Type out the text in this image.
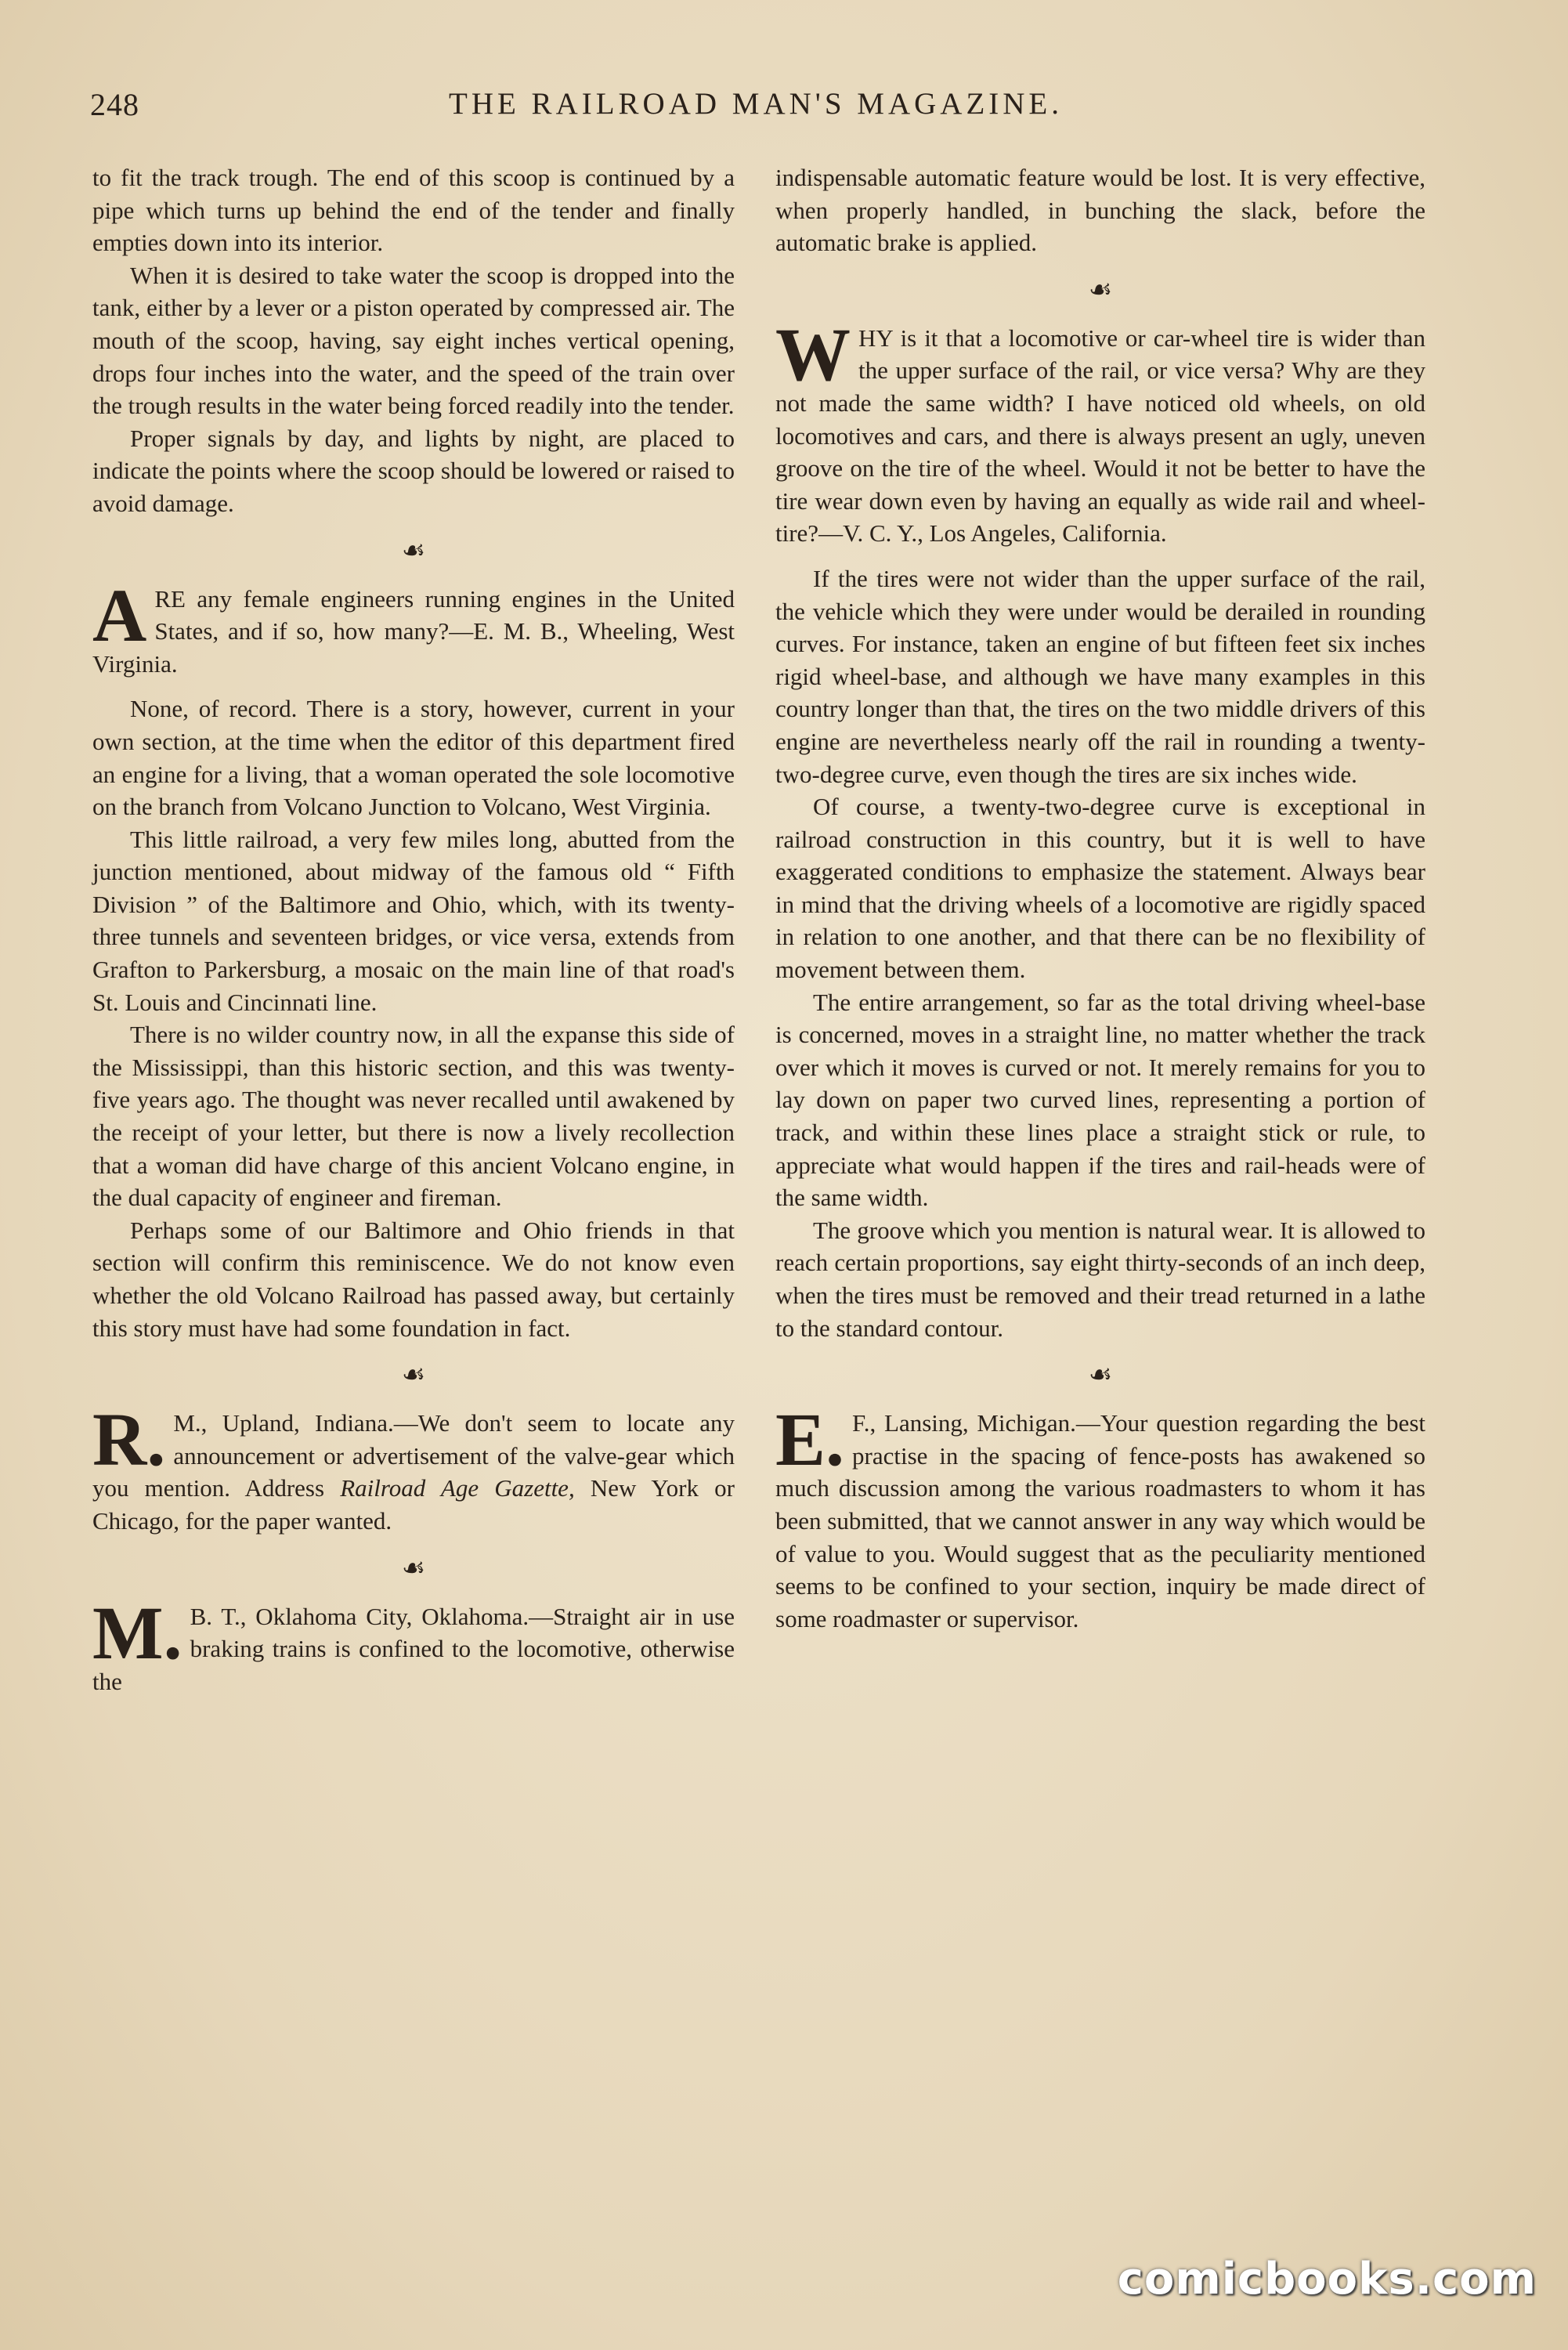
248	THE RAILROAD MAN'S MAGAZINE.

to fit the track trough. The end of this scoop is continued by a pipe which turns up behind the end of the tender and finally empties down into its interior.

When it is desired to take water the scoop is dropped into the tank, either by a lever or a piston operated by compressed air. The mouth of the scoop, having, say eight inches vertical opening, drops four inches into the water, and the speed of the train over the trough results in the water being forced readily into the tender.

Proper signals by day, and lights by night, are placed to indicate the points where the scoop should be lowered or raised to avoid damage.

☙

A RE any female engineers running engines in the United States, and if so, how many?—E. M. B., Wheeling, West Virginia.

None, of record. There is a story, however, current in your own section, at the time when the editor of this department fired an engine for a living, that a woman operated the sole locomotive on the branch from Volcano Junction to Volcano, West Virginia.

This little railroad, a very few miles long, abutted from the junction mentioned, about midway of the famous old “ Fifth Division ” of the Baltimore and Ohio, which, with its twenty-three tunnels and seventeen bridges, or vice versa, extends from Grafton to Parkersburg, a mosaic on the main line of that road's St. Louis and Cincinnati line.

There is no wilder country now, in all the expanse this side of the Mississippi, than this historic section, and this was twenty-five years ago. The thought was never recalled until awakened by the receipt of your letter, but there is now a lively recollection that a woman did have charge of this ancient Volcano engine, in the dual capacity of engineer and fireman.

Perhaps some of our Baltimore and Ohio friends in that section will confirm this reminiscence. We do not know even whether the old Volcano Railroad has passed away, but certainly this story must have had some foundation in fact.

☙

R. M., Upland, Indiana.—We don't seem to locate any announcement or advertisement of the valve-gear which you mention. Address Railroad Age Gazette, New York or Chicago, for the paper wanted.

☙

M. B. T., Oklahoma City, Oklahoma.—Straight air in use braking trains is confined to the locomotive, otherwise the

indispensable automatic feature would be lost. It is very effective, when properly handled, in bunching the slack, before the automatic brake is applied.

☙

W HY is it that a locomotive or car-wheel tire is wider than the upper surface of the rail, or vice versa? Why are they not made the same width? I have noticed old wheels, on old locomotives and cars, and there is always present an ugly, uneven groove on the tire of the wheel. Would it not be better to have the tire wear down even by having an equally as wide rail and wheel-tire?—V. C. Y., Los Angeles, California.

If the tires were not wider than the upper surface of the rail, the vehicle which they were under would be derailed in rounding curves. For instance, taken an engine of but fifteen feet six inches rigid wheel-base, and although we have many examples in this country longer than that, the tires on the two middle drivers of this engine are nevertheless nearly off the rail in rounding a twenty-two-degree curve, even though the tires are six inches wide.

Of course, a twenty-two-degree curve is exceptional in railroad construction in this country, but it is well to have exaggerated conditions to emphasize the statement. Always bear in mind that the driving wheels of a locomotive are rigidly spaced in relation to one another, and that there can be no flexibility of movement between them.

The entire arrangement, so far as the total driving wheel-base is concerned, moves in a straight line, no matter whether the track over which it moves is curved or not. It merely remains for you to lay down on paper two curved lines, representing a portion of track, and within these lines place a straight stick or rule, to appreciate what would happen if the tires and rail-heads were of the same width.

The groove which you mention is natural wear. It is allowed to reach certain proportions, say eight thirty-seconds of an inch deep, when the tires must be removed and their tread returned in a lathe to the standard contour.

☙

E. F., Lansing, Michigan.—Your question regarding the best practise in the spacing of fence-posts has awakened so much discussion among the various roadmasters to whom it has been submitted, that we cannot answer in any way which would be of value to you. Would suggest that as the peculiarity mentioned seems to be confined to your section, inquiry be made direct of some roadmaster or supervisor.

comicbooks.com
